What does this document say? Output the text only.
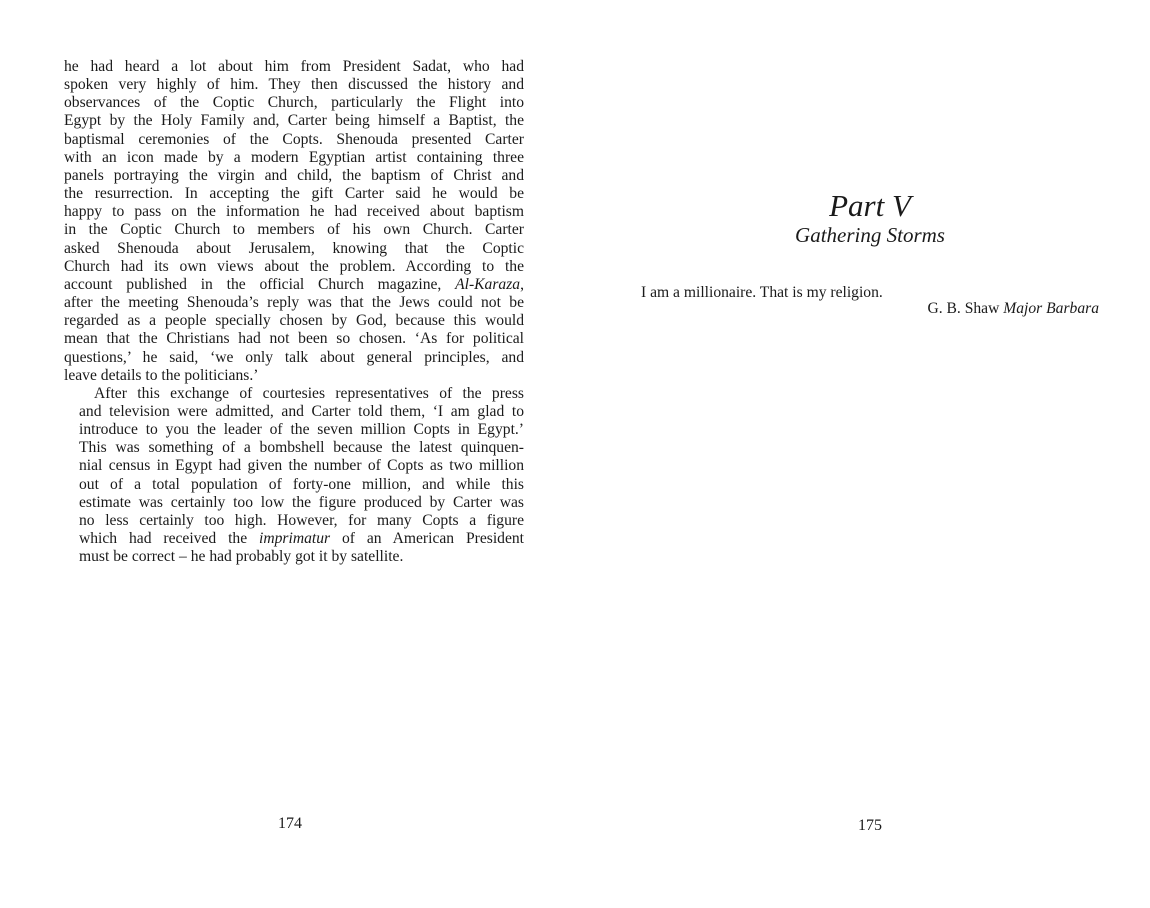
he had heard a lot about him from President Sadat, who had
spoken very highly of him. They then discussed the history and
observances of the Coptic Church, particularly the Flight into
Egypt by the Holy Family and, Carter being himself a Baptist, the
baptismal ceremonies of the Copts. Shenouda presented Carter
with an icon made by a modern Egyptian artist containing three
panels portraying the virgin and child, the baptism of Christ and
the resurrection. In accepting the gift Carter said he would be
happy to pass on the information he had received about baptism
in the Coptic Church to members of his own Church. Carter
asked Shenouda about Jerusalem, knowing that the Coptic
Church had its own views about the problem. According to the
account published in the official Church magazine, Al-Karaza,
after the meeting Shenouda’s reply was that the Jews could not be
regarded as a people specially chosen by God, because this would
mean that the Christians had not been so chosen. ‘As for political
questions,’ he said, ‘we only talk about general principles, and
leave details to the politicians.’

After this exchange of courtesies representatives of the press
and television were admitted, and Carter told them, ‘I am glad to
introduce to you the leader of the seven million Copts in Egypt.’
This was something of a bombshell because the latest quinquen-
nial census in Egypt had given the number of Copts as two million
out of a total population of forty-one million, and while this
estimate was certainly too low the figure produced by Carter was
no less certainly too high. However, for many Copts a figure
which had received the imprimatur of an American President
must be correct – he had probably got it by satellite.

174
Part V
Gathering Storms
I am a millionaire. That is my religion.
G. B. Shaw Major Barbara
175
